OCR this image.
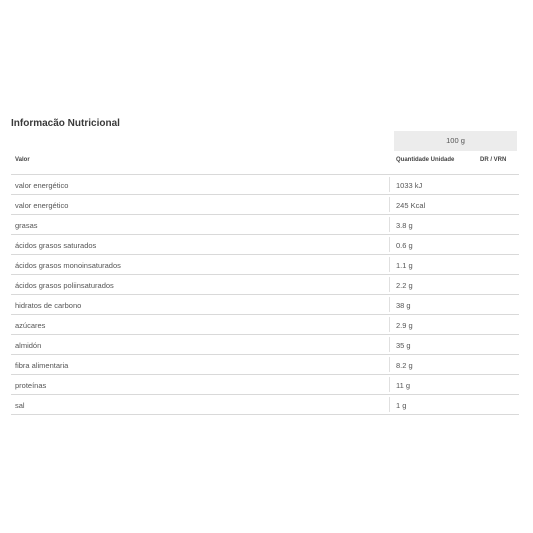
Informacão Nutricional
100 g
Valor	Quantidade Unidade	DR / VRN
valor energético	1033 kJ
valor energético	245 Kcal
grasas	3.8 g
ácidos grasos saturados	0.6 g
ácidos grasos monoinsaturados	1.1 g
ácidos grasos poliinsaturados	2.2 g
hidratos de carbono	38 g
azúcares	2.9 g
almidón	35 g
fibra alimentaria	8.2 g
proteínas	11 g
sal	1 g
